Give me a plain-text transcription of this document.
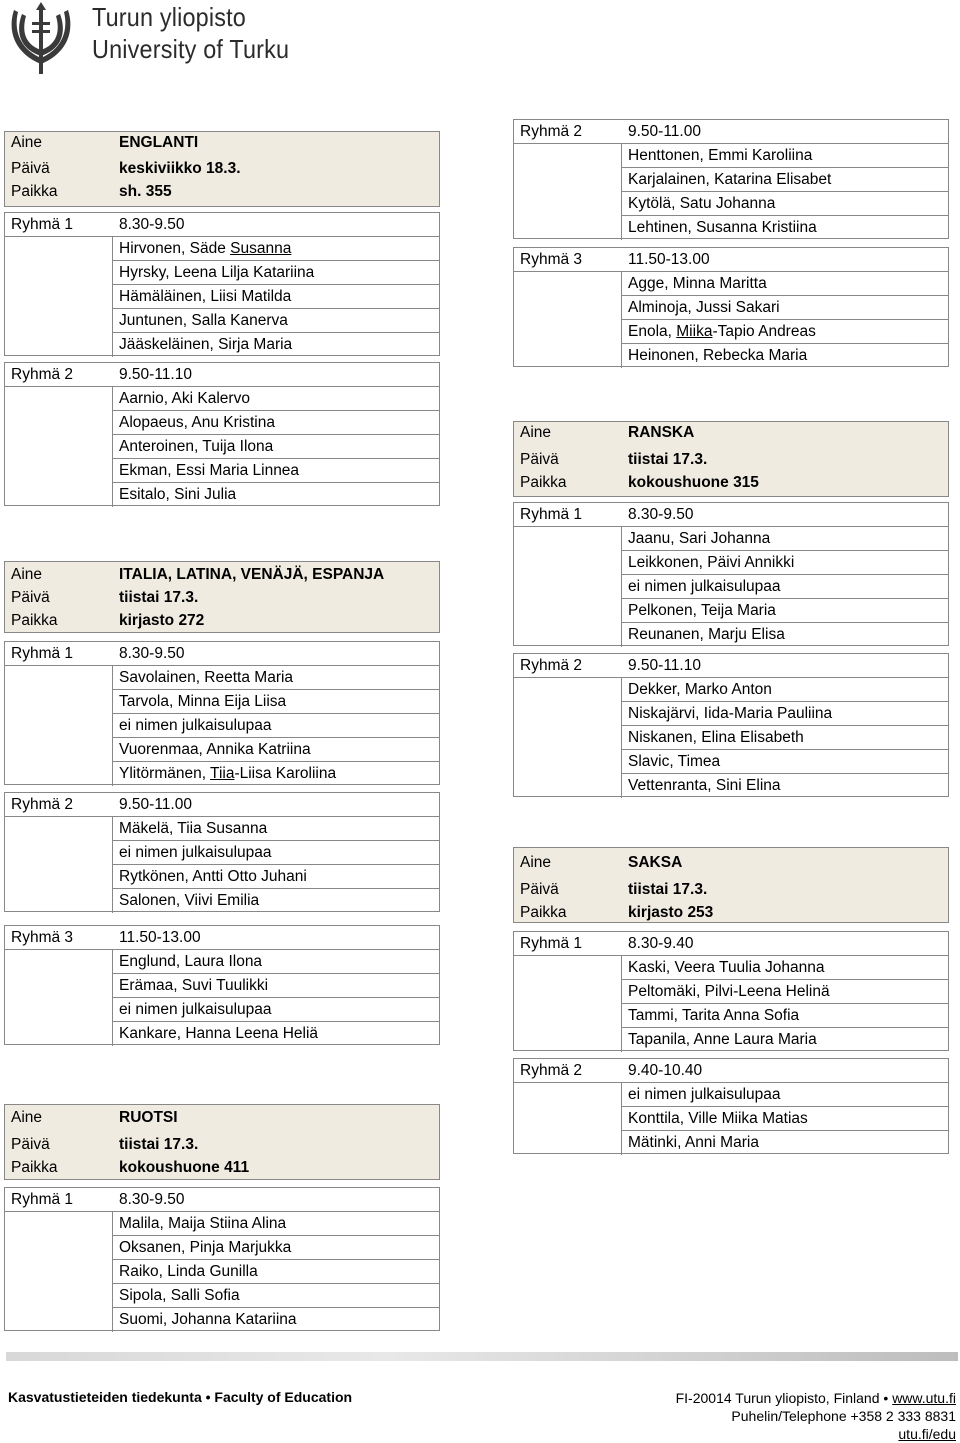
Turun yliopisto
University of Turku
Aine	ENGLANTI
Päivä	keskiviikko 18.3.
Paikka	sh. 355
Ryhmä 1	8.30-9.50
Hirvonen, Säde Susanna
Hyrsky, Leena Lilja Katariina
Hämäläinen, Liisi Matilda
Juntunen, Salla Kanerva
Jääskeläinen, Sirja Maria
Ryhmä 2	9.50-11.10
Aarnio, Aki Kalervo
Alopaeus, Anu Kristina
Anteroinen, Tuija Ilona
Ekman, Essi Maria Linnea
Esitalo, Sini Julia
Aine	ITALIA, LATINA, VENÄJÄ, ESPANJA
Päivä	tiistai 17.3.
Paikka	kirjasto 272
Ryhmä 1	8.30-9.50
Savolainen, Reetta Maria
Tarvola, Minna Eija Liisa
ei nimen julkaisulupaa
Vuorenmaa, Annika Katriina
Ylitörmänen, Tiia-Liisa Karoliina
Ryhmä 2	9.50-11.00
Mäkelä, Tiia Susanna
ei nimen julkaisulupaa
Rytkönen, Antti Otto Juhani
Salonen, Viivi Emilia
Ryhmä 3	11.50-13.00
Englund, Laura Ilona
Erämaa, Suvi Tuulikki
ei nimen julkaisulupaa
Kankare, Hanna Leena Heliä
Aine	RUOTSI
Päivä	tiistai 17.3.
Paikka	kokoushuone 411
Ryhmä 1	8.30-9.50
Malila, Maija Stiina Alina
Oksanen, Pinja Marjukka
Raiko, Linda Gunilla
Sipola, Salli Sofia
Suomi, Johanna Katariina
Ryhmä 2	9.50-11.00
Henttonen, Emmi Karoliina
Karjalainen, Katarina Elisabet
Kytölä, Satu Johanna
Lehtinen, Susanna Kristiina
Ryhmä 3	11.50-13.00
Agge, Minna Maritta
Alminoja, Jussi Sakari
Enola, Miika-Tapio Andreas
Heinonen, Rebecka Maria
Aine	RANSKA
Päivä	tiistai 17.3.
Paikka	kokoushuone 315
Ryhmä 1	8.30-9.50
Jaanu, Sari Johanna
Leikkonen, Päivi Annikki
ei nimen julkaisulupaa
Pelkonen, Teija Maria
Reunanen, Marju Elisa
Ryhmä 2	9.50-11.10
Dekker, Marko Anton
Niskajärvi, Iida-Maria Pauliina
Niskanen, Elina Elisabeth
Slavic, Timea
Vettenranta, Sini Elina
Aine	SAKSA
Päivä	tiistai 17.3.
Paikka	kirjasto 253
Ryhmä 1	8.30-9.40
Kaski, Veera Tuulia Johanna
Peltomäki, Pilvi-Leena Helinä
Tammi, Tarita Anna Sofia
Tapanila, Anne Laura Maria
Ryhmä 2	9.40-10.40
ei nimen julkaisulupaa
Konttila, Ville Miika Matias
Mätinki, Anni Maria
Kasvatustieteiden tiedekunta • Faculty of Education	FI-20014 Turun yliopisto, Finland • www.utu.fi
Puhelin/Telephone +358 2 333 8831
utu.fi/edu
